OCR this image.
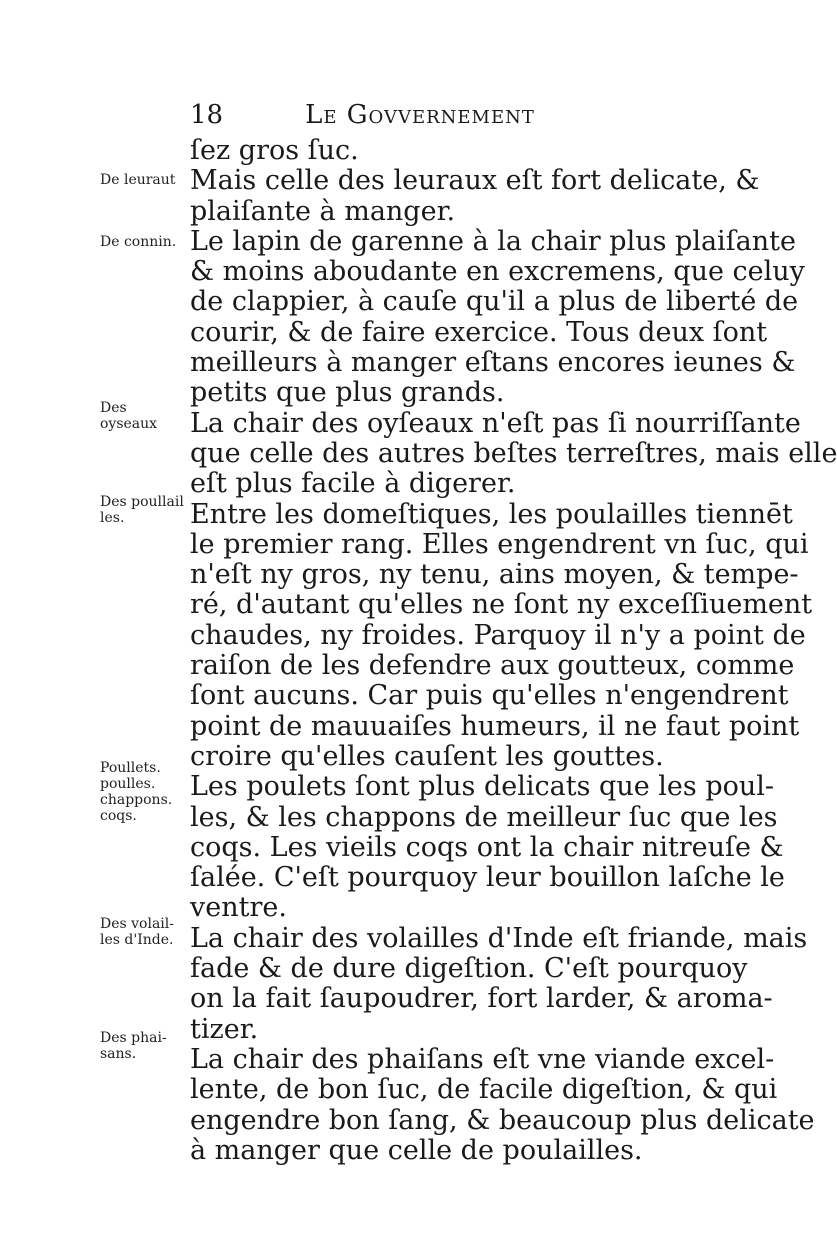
18	Le Govvernement
De leuraut
De connin.
Des oyseaux
Des poullail les.
Poullets. poulles. chappons. coqs.
Des volail-les d'Inde.
Des phai-sans.
ſez gros ſuc.
Mais celle des leuraux eſt fort delicate, &
plaiſante à manger.
Le lapin de garenne à la chair plus plaiſante
& moins aboudante en excremens, que celuy
de clappier, à cauſe qu'il a plus de liberté de
courir, & de faire exercice. Tous deux ſont
meilleurs à manger eſtans encores ieunes &
petits que plus grands.
La chair des oyſeaux n'eſt pas ſi nourriſſante
que celle des autres beſtes terreſtres, mais elle
eſt plus facile à digerer.
Entre les domeſtiques, les poulailles tiennēt
le premier rang. Elles engendrent vn ſuc, qui
n'eſt ny gros, ny tenu, ains moyen, & tempe-
ré, d'autant qu'elles ne ſont ny exceſſiuement
chaudes, ny froides. Parquoy il n'y a point de
raiſon de les defendre aux goutteux, comme
ſont aucuns. Car puis qu'elles n'engendrent
point de mauuaiſes humeurs, il ne faut point
croire qu'elles cauſent les gouttes.
Les poulets ſont plus delicats que les poul-
les, & les chappons de meilleur ſuc que les
coqs. Les vieils coqs ont la chair nitreuſe &
ſalée. C'eſt pourquoy leur bouillon laſche le
ventre.
La chair des volailles d'Inde eſt friande, mais
fade & de dure digeſtion. C'eſt pourquoy
on la fait ſaupoudrer, fort larder, & aroma-
tizer.
La chair des phaiſans eſt vne viande excel-
lente, de bon ſuc, de facile digeſtion, & qui
engendre bon ſang, & beaucoup plus delicate
à manger que celle de poulailles.
